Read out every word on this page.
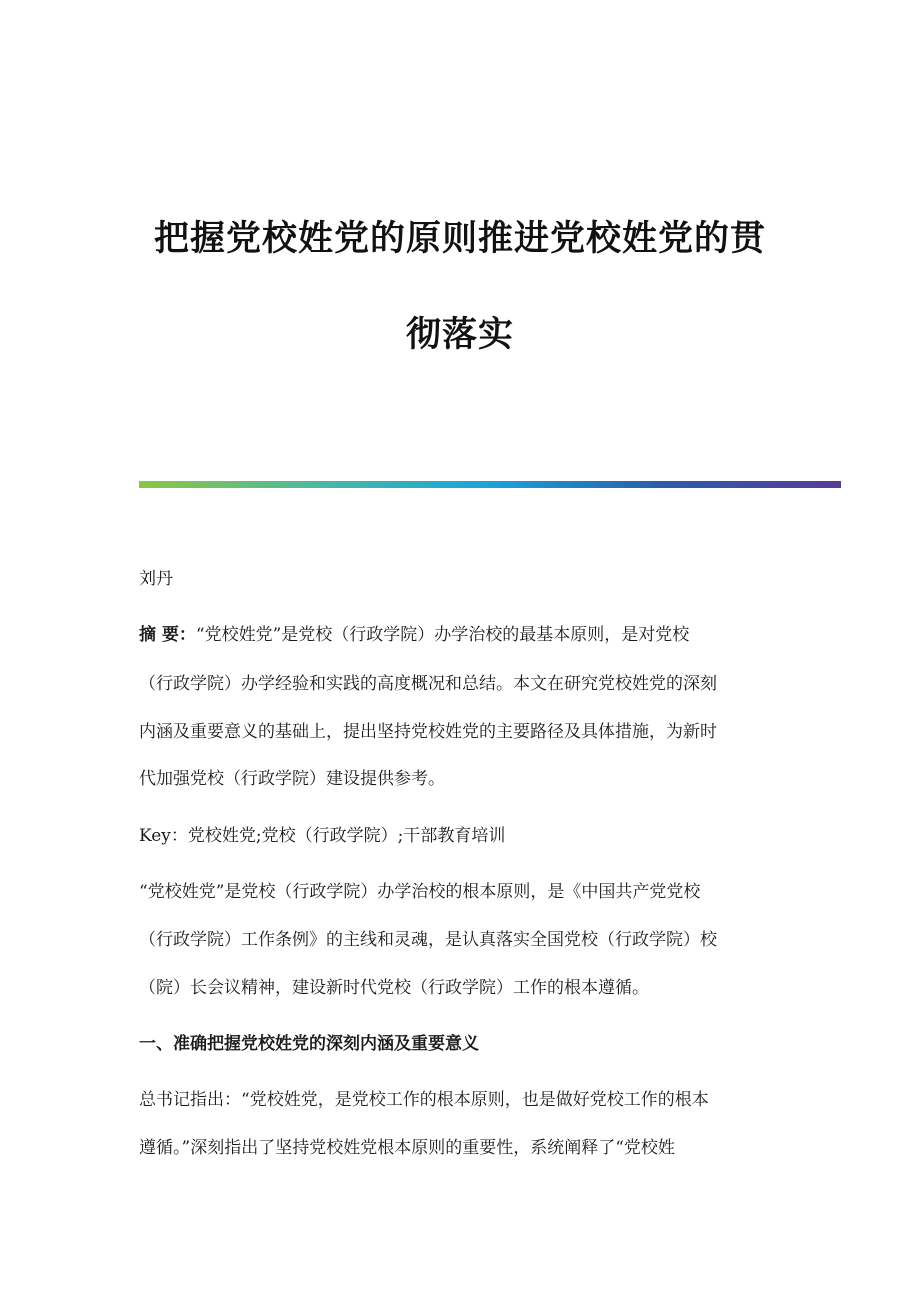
把握党校姓党的原则推进党校姓党的贯
彻落实
刘丹
摘 要：“党校姓党”是党校（行政学院）办学治校的最基本原则，是对党校
（行政学院）办学经验和实践的高度概况和总结。本文在研究党校姓党的深刻
内涵及重要意义的基础上，提出坚持党校姓党的主要路径及具体措施，为新时
代加强党校（行政学院）建设提供参考。
Key：党校姓党;党校（行政学院）;干部教育培训
“党校姓党”是党校（行政学院）办学治校的根本原则，是《中国共产党党校
（行政学院）工作条例》的主线和灵魂，是认真落实全国党校（行政学院）校
（院）长会议精神，建设新时代党校（行政学院）工作的根本遵循。
一、准确把握党校姓党的深刻内涵及重要意义
总书记指出：“党校姓党，是党校工作的根本原则，也是做好党校工作的根本
遵循。”深刻指出了坚持党校姓党根本原则的重要性，系统阐释了“党校姓
